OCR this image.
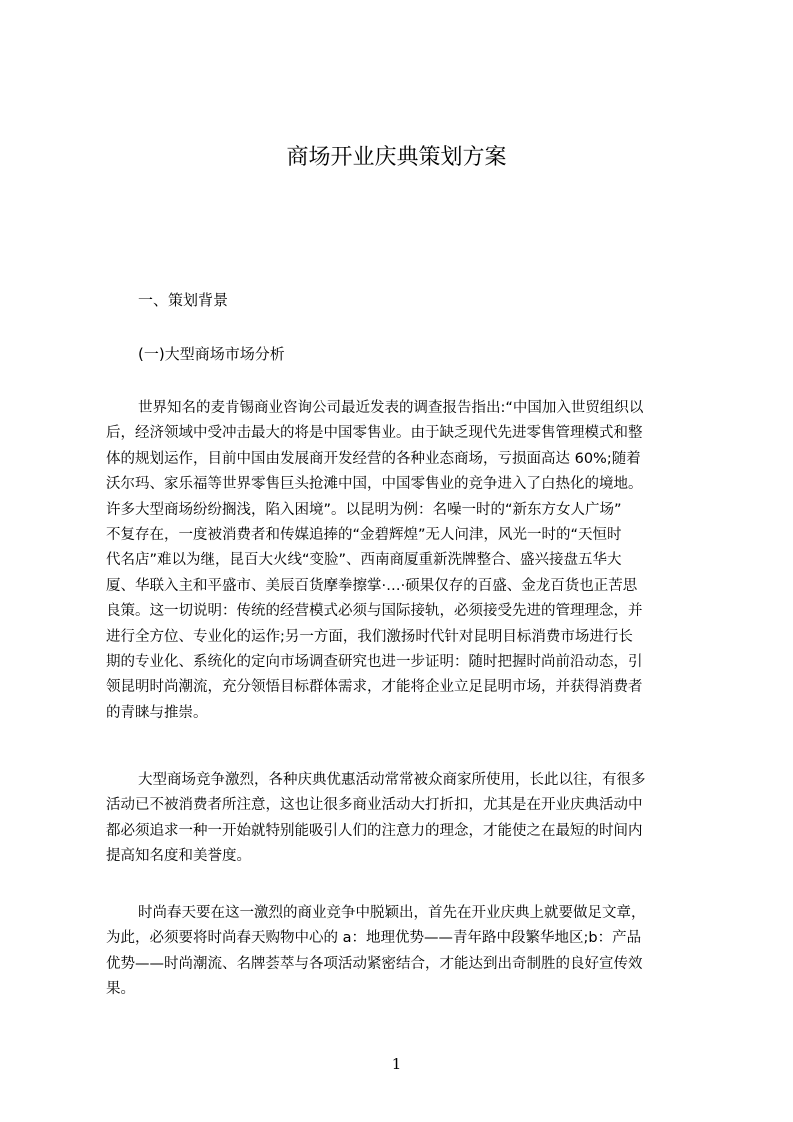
商场开业庆典策划方案
一、策划背景
(一)大型商场市场分析

世界知名的麦肯锡商业咨询公司最近发表的调查报告指出:“中国加入世贸组织以
后，经济领域中受冲击最大的将是中国零售业。由于缺乏现代先进零售管理模式和整
体的规划运作，目前中国由发展商开发经营的各种业态商场，亏损面高达 60%;随着
沃尔玛、家乐福等世界零售巨头抢滩中国，中国零售业的竞争进入了白热化的境地。
许多大型商场纷纷搁浅，陷入困境”。以昆明为例：名噪一时的“新东方女人广场”
不复存在，一度被消费者和传媒追捧的“金碧辉煌”无人问津，风光一时的“天恒时
代名店”难以为继，昆百大火线“变脸”、西南商厦重新洗牌整合、盛兴接盘五华大
厦、华联入主和平盛市、美辰百货摩拳擦掌·…·硕果仅存的百盛、金龙百货也正苦思
良策。这一切说明：传统的经营模式必须与国际接轨，必须接受先进的管理理念，并
进行全方位、专业化的运作;另一方面，我们激扬时代针对昆明目标消费市场进行长
期的专业化、系统化的定向市场调查研究也进一步证明：随时把握时尚前沿动态，引
领昆明时尚潮流，充分领悟目标群体需求，才能将企业立足昆明市场，并获得消费者
的青睐与推崇。

大型商场竞争激烈，各种庆典优惠活动常常被众商家所使用，长此以往，有很多
活动已不被消费者所注意，这也让很多商业活动大打折扣，尤其是在开业庆典活动中
都必须追求一种一开始就特别能吸引人们的注意力的理念，才能使之在最短的时间内
提高知名度和美誉度。

时尚春天要在这一激烈的商业竞争中脱颖出，首先在开业庆典上就要做足文章，
为此，必须要将时尚春天购物中心的 a：地理优势——青年路中段繁华地区;b：产品
优势——时尚潮流、名牌荟萃与各项活动紧密结合，才能达到出奇制胜的良好宣传效
果。

1
